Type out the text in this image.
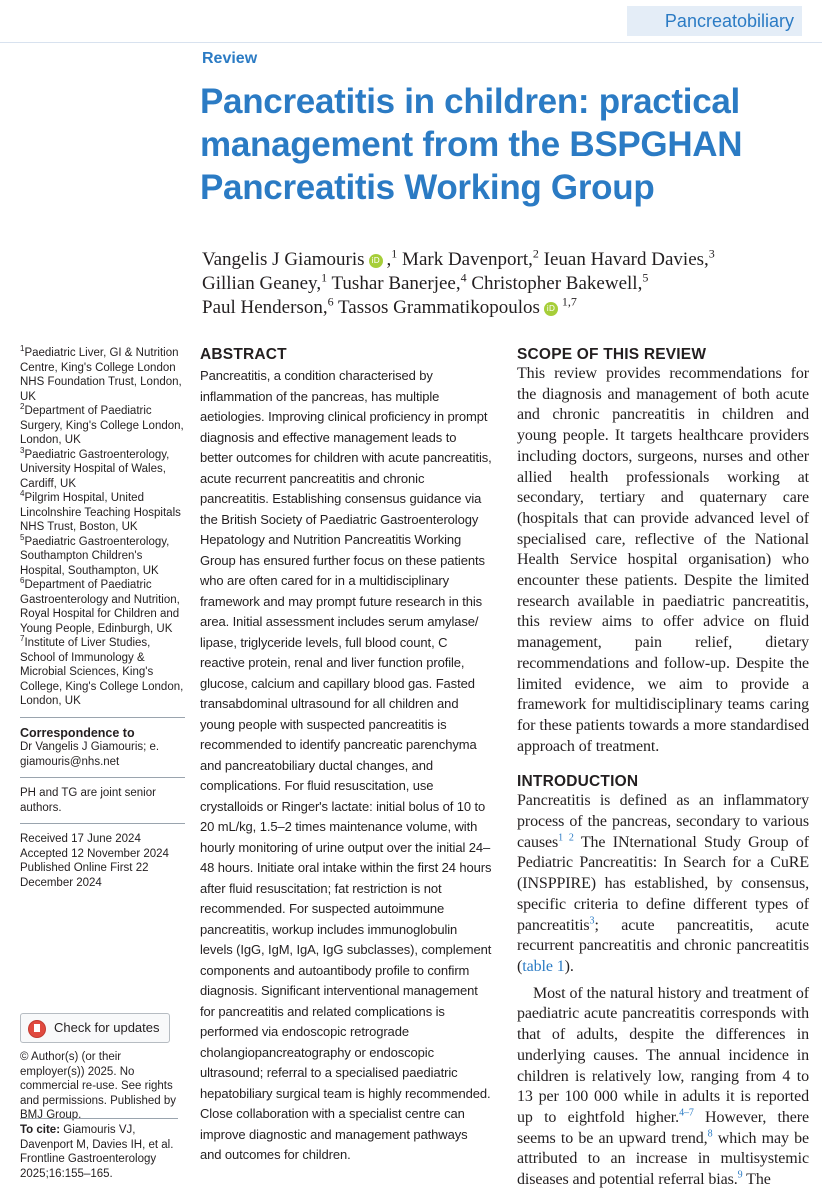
Pancreatobiliary
Review
Pancreatitis in children: practical management from the BSPGHAN Pancreatitis Working Group
Vangelis J Giamouris iD ,$^1$ Mark Davenport,$^2$ Ieuan Havard Davies,$^3$
Gillian Geaney,$^1$ Tushar Banerjee,$^4$ Christopher Bakewell,$^5$
Paul Henderson,$^6$ Tassos Grammatikopoulos iD $^{1,7}$

$^1$Paediatric Liver, GI & Nutrition Centre, King's College London NHS Foundation Trust, London, UK

$^2$Department of Paediatric Surgery, King's College London, London, UK

$^3$Paediatric Gastroenterology, University Hospital of Wales, Cardiff, UK

$^4$Pilgrim Hospital, United Lincolnshire Teaching Hospitals NHS Trust, Boston, UK

$^5$Paediatric Gastroenterology, Southampton Children's Hospital, Southampton, UK

$^6$Department of Paediatric Gastroenterology and Nutrition, Royal Hospital for Children and Young People, Edinburgh, UK

$^7$Institute of Liver Studies, School of Immunology & Microbial Sciences, King's College, King's College London, London, UK

Correspondence to

Dr Vangelis J Giamouris; e. giamouris@nhs.net

PH and TG are joint senior authors.

Received 17 June 2024

Accepted 12 November 2024

Published Online First 22 December 2024

Check for updates

© Author(s) (or their employer(s)) 2025. No commercial re-use. See rights and permissions. Published by BMJ Group.

To cite: Giamouris VJ, Davenport M, Davies IH, et al. Frontline Gastroenterology 2025;16:155–165.
ABSTRACT

Pancreatitis, a condition characterised by inflammation of the pancreas, has multiple aetiologies. Improving clinical proficiency in prompt diagnosis and effective management leads to better outcomes for children with acute pancreatitis, acute recurrent pancreatitis and chronic pancreatitis. Establishing consensus guidance via the British Society of Paediatric Gastroenterology Hepatology and Nutrition Pancreatitis Working Group has ensured further focus on these patients who are often cared for in a multidisciplinary framework and may prompt future research in this area. Initial assessment includes serum amylase/ lipase, triglyceride levels, full blood count, C reactive protein, renal and liver function profile, glucose, calcium and capillary blood gas. Fasted transabdominal ultrasound for all children and young people with suspected pancreatitis is recommended to identify pancreatic parenchyma and pancreatobiliary ductal changes, and complications. For fluid resuscitation, use crystalloids or Ringer's lactate: initial bolus of 10 to 20 mL/kg, 1.5–2 times maintenance volume, with hourly monitoring of urine output over the initial 24–48 hours. Initiate oral intake within the first 24 hours after fluid resuscitation; fat restriction is not recommended. For suspected autoimmune pancreatitis, workup includes immunoglobulin levels (IgG, IgM, IgA, IgG subclasses), complement components and autoantibody profile to confirm diagnosis. Significant interventional management for pancreatitis and related complications is performed via endoscopic retrograde cholangiopancreatography or endoscopic ultrasound; referral to a specialised paediatric hepatobiliary surgical team is highly recommended. Close collaboration with a specialist centre can improve diagnostic and management pathways and outcomes for children.

SCOPE OF THIS REVIEW

This review provides recommendations for the diagnosis and management of both acute and chronic pancreatitis in children and young people. It targets healthcare providers including doctors, surgeons, nurses and other allied health professionals working at secondary, tertiary and quaternary care (hospitals that can provide advanced level of specialised care, reflective of the National Health Service hospital organisation) who encounter these patients. Despite the limited research available in paediatric pancreatitis, this review aims to offer advice on fluid management, pain relief, dietary recommendations and follow-up. Despite the limited evidence, we aim to provide a framework for multidisciplinary teams caring for these patients towards a more standardised approach of treatment.

INTRODUCTION

Pancreatitis is defined as an inflammatory process of the pancreas, secondary to various causes$^{1 2}$ The INternational Study Group of Pediatric Pancreatitis: In Search for a CuRE (INSPPIRE) has established, by consensus, specific criteria to define different types of pancreatitis$^3$; acute pancreatitis, acute recurrent pancreatitis and chronic pancreatitis (table 1).

Most of the natural history and treatment of paediatric acute pancreatitis corresponds with that of adults, despite the differences in underlying causes. The annual incidence in children is relatively low, ranging from 4 to 13 per 100 000 while in adults it is reported up to eightfold higher.$^{4-7}$ However, there seems to be an upward trend,$^8$ which may be attributed to an increase in multisystemic diseases and potential referral bias.$^9$ The
